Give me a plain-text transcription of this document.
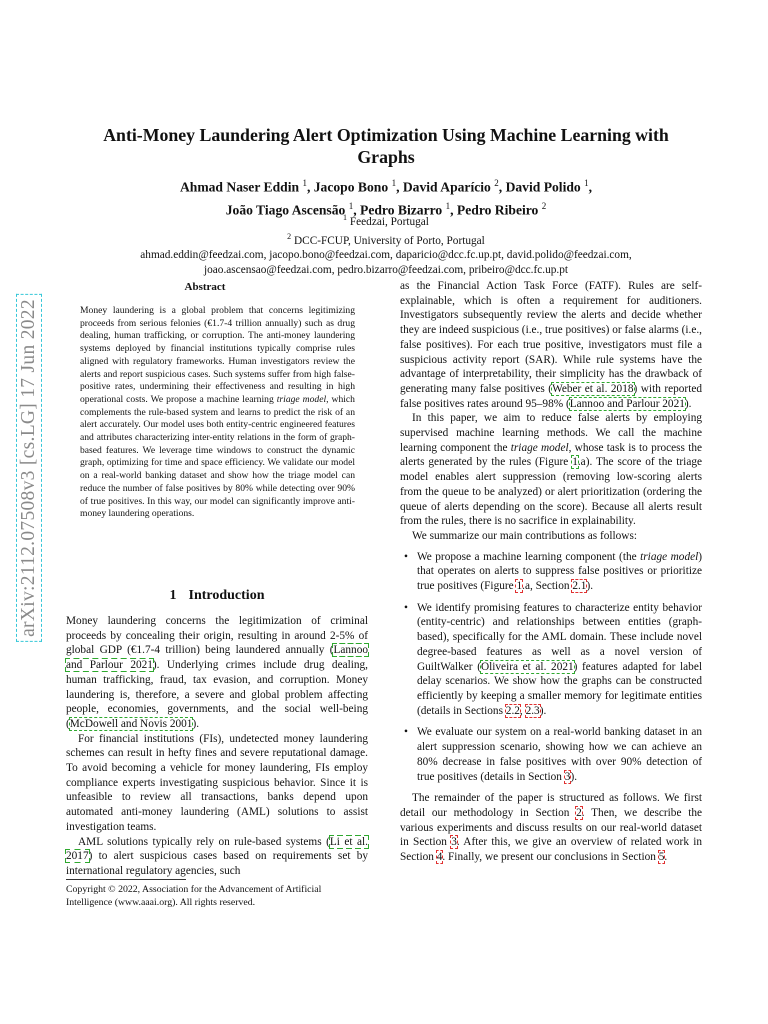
arXiv:2112.07508v3 [cs.LG] 17 Jun 2022
Anti-Money Laundering Alert Optimization Using Machine Learning with Graphs
Ahmad Naser Eddin $^1$, Jacopo Bono $^1$, David Aparício $^2$, David Polido $^1$,
João Tiago Ascensão $^1$, Pedro Bizarro $^1$, Pedro Ribeiro $^2$
$^1$ Feedzai, Portugal
$^2$ DCC-FCUP, University of Porto, Portugal
ahmad.eddin@feedzai.com, jacopo.bono@feedzai.com, daparicio@dcc.fc.up.pt, david.polido@feedzai.com,
joao.ascensao@feedzai.com, pedro.bizarro@feedzai.com, pribeiro@dcc.fc.up.pt
Abstract
Money laundering is a global problem that concerns legitimizing proceeds from serious felonies (€1.7-4 trillion annually) such as drug dealing, human trafficking, or corruption. The anti-money laundering systems deployed by financial institutions typically comprise rules aligned with regulatory frameworks. Human investigators review the alerts and report suspicious cases. Such systems suffer from high false-positive rates, undermining their effectiveness and resulting in high operational costs. We propose a machine learning triage model, which complements the rule-based system and learns to predict the risk of an alert accurately. Our model uses both entity-centric engineered features and attributes characterizing inter-entity relations in the form of graph-based features. We leverage time windows to construct the dynamic graph, optimizing for time and space efficiency. We validate our model on a real-world banking dataset and show how the triage model can reduce the number of false positives by 80% while detecting over 90% of true positives. In this way, our model can significantly improve anti-money laundering operations.
1 Introduction

Money laundering concerns the legitimization of criminal proceeds by concealing their origin, resulting in around 2-5% of global GDP (€1.7-4 trillion) being laundered annually (Lannoo and Parlour 2021). Underlying crimes include drug dealing, human trafficking, fraud, tax evasion, and corruption. Money laundering is, therefore, a severe and global problem affecting people, economies, governments, and the social well-being (McDowell and Novis 2001).

For financial institutions (FIs), undetected money laundering schemes can result in hefty fines and severe reputational damage. To avoid becoming a vehicle for money laundering, FIs employ compliance experts investigating suspicious behavior. Since it is unfeasible to review all transactions, banks depend upon automated anti-money laundering (AML) solutions to assist investigation teams.

AML solutions typically rely on rule-based systems (Li et al. 2017) to alert suspicious cases based on requirements set by international regulatory agencies, such

Copyright © 2022, Association for the Advancement of Artificial Intelligence (www.aaai.org). All rights reserved.

as the Financial Action Task Force (FATF). Rules are self-explainable, which is often a requirement for auditioners. Investigators subsequently review the alerts and decide whether they are indeed suspicious (i.e., true positives) or false alarms (i.e., false positives). For each true positive, investigators must file a suspicious activity report (SAR). While rule systems have the advantage of interpretability, their simplicity has the drawback of generating many false positives (Weber et al. 2018) with reported false positives rates around 95–98% (Lannoo and Parlour 2021).

In this paper, we aim to reduce false alerts by employing supervised machine learning methods. We call the machine learning component the triage model, whose task is to process the alerts generated by the rules (Figure 1.a). The score of the triage model enables alert suppression (removing low-scoring alerts from the queue to be analyzed) or alert prioritization (ordering the queue of alerts depending on the score). Because all alerts result from the rules, there is no sacrifice in explainability.

We summarize our main contributions as follows:

• We propose a machine learning component (the triage model) that operates on alerts to suppress false positives or prioritize true positives (Figure 1.a, Section 2.1).
• We identify promising features to characterize entity behavior (entity-centric) and relationships between entities (graph-based), specifically for the AML domain. These include novel degree-based features as well as a novel version of GuiltWalker (Oliveira et al. 2021) features adapted for label delay scenarios. We show how the graphs can be constructed efficiently by keeping a smaller memory for legitimate entities (details in Sections 2.2, 2.3).
• We evaluate our system on a real-world banking dataset in an alert suppression scenario, showing how we can achieve an 80% decrease in false positives with over 90% detection of true positives (details in Section 3).

The remainder of the paper is structured as follows. We first detail our methodology in Section 2. Then, we describe the various experiments and discuss results on our real-world dataset in Section 3. After this, we give an overview of related work in Section 4. Finally, we present our conclusions in Section 5.
